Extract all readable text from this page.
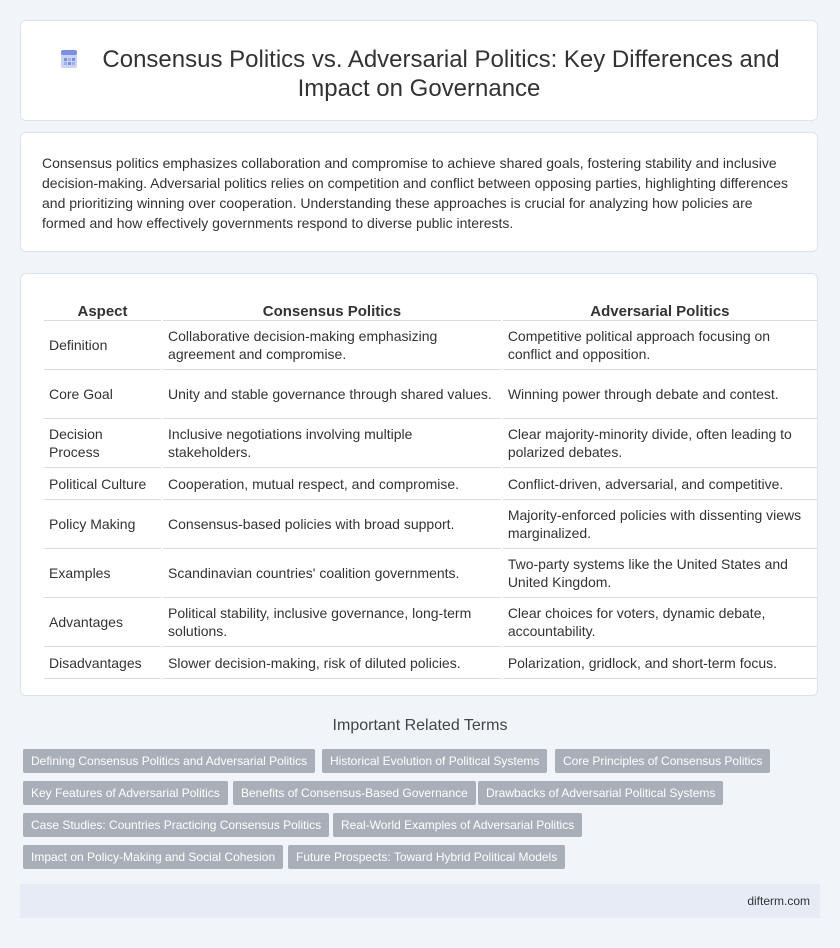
Consensus Politics vs. Adversarial Politics: Key Differences and Impact on Governance
Consensus politics emphasizes collaboration and compromise to achieve shared goals, fostering stability and inclusive decision-making. Adversarial politics relies on competition and conflict between opposing parties, highlighting differences and prioritizing winning over cooperation. Understanding these approaches is crucial for analyzing how policies are formed and how effectively governments respond to diverse public interests.
Aspect	Consensus Politics	Adversarial Politics
Definition	Collaborative decision-making emphasizing agreement and compromise.	Competitive political approach focusing on conflict and opposition.
Core Goal	Unity and stable governance through shared values.	Winning power through debate and contest.
Decision Process	Inclusive negotiations involving multiple stakeholders.	Clear majority-minority divide, often leading to polarized debates.
Political Culture	Cooperation, mutual respect, and compromise.	Conflict-driven, adversarial, and competitive.
Policy Making	Consensus-based policies with broad support.	Majority-enforced policies with dissenting views marginalized.
Examples	Scandinavian countries' coalition governments.	Two-party systems like the United States and United Kingdom.
Advantages	Political stability, inclusive governance, long-term solutions.	Clear choices for voters, dynamic debate, accountability.
Disadvantages	Slower decision-making, risk of diluted policies.	Polarization, gridlock, and short-term focus.
Important Related Terms
Defining Consensus Politics and Adversarial Politics	Historical Evolution of Political Systems	Core Principles of Consensus Politics
Key Features of Adversarial Politics	Benefits of Consensus-Based Governance	Drawbacks of Adversarial Political Systems
Case Studies: Countries Practicing Consensus Politics	Real-World Examples of Adversarial Politics
Impact on Policy-Making and Social Cohesion	Future Prospects: Toward Hybrid Political Models
difterm.com
